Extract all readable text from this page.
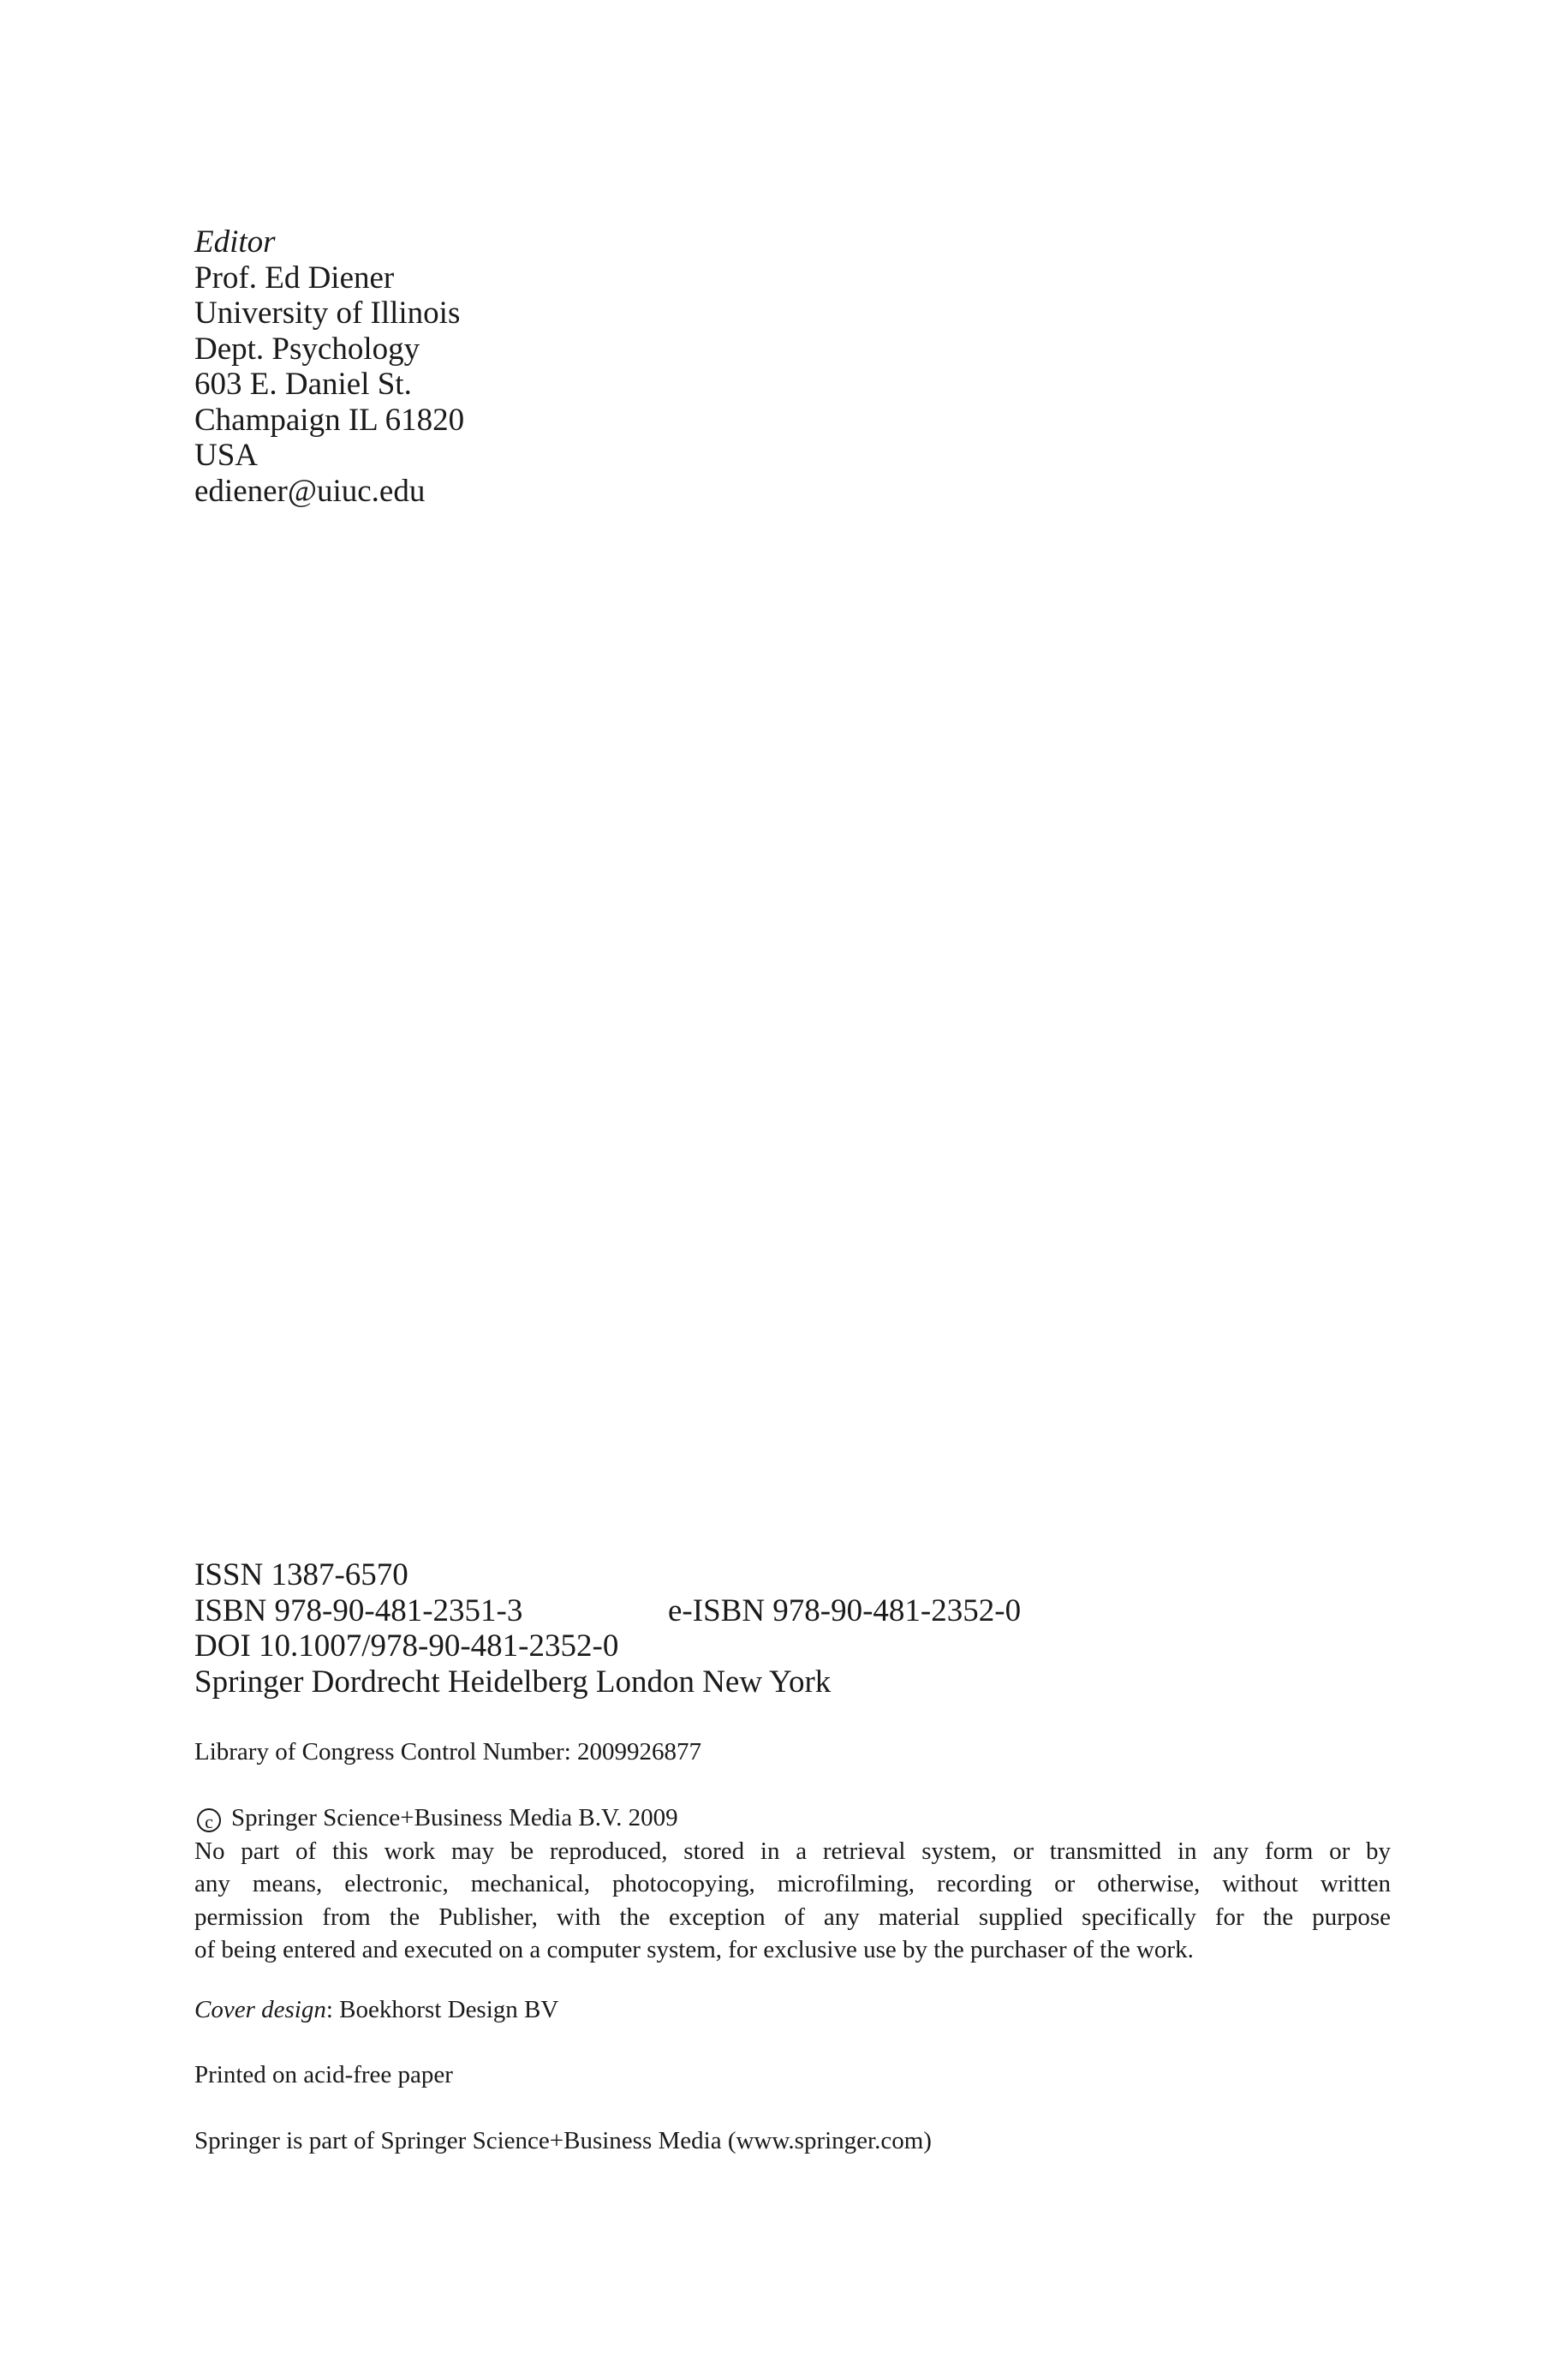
Editor
Prof. Ed Diener
University of Illinois
Dept. Psychology
603 E. Daniel St.
Champaign IL 61820
USA
ediener@uiuc.edu
ISSN 1387-6570
ISBN 978-90-481-2351-3	e-ISBN 978-90-481-2352-0
DOI 10.1007/978-90-481-2352-0
Springer Dordrecht Heidelberg London New York
Library of Congress Control Number: 2009926877
c Springer Science+Business Media B.V. 2009
No part of this work may be reproduced, stored in a retrieval system, or transmitted in any form or by
any means, electronic, mechanical, photocopying, microfilming, recording or otherwise, without written
permission from the Publisher, with the exception of any material supplied specifically for the purpose
of being entered and executed on a computer system, for exclusive use by the purchaser of the work.
Cover design: Boekhorst Design BV
Printed on acid-free paper
Springer is part of Springer Science+Business Media (www.springer.com)
